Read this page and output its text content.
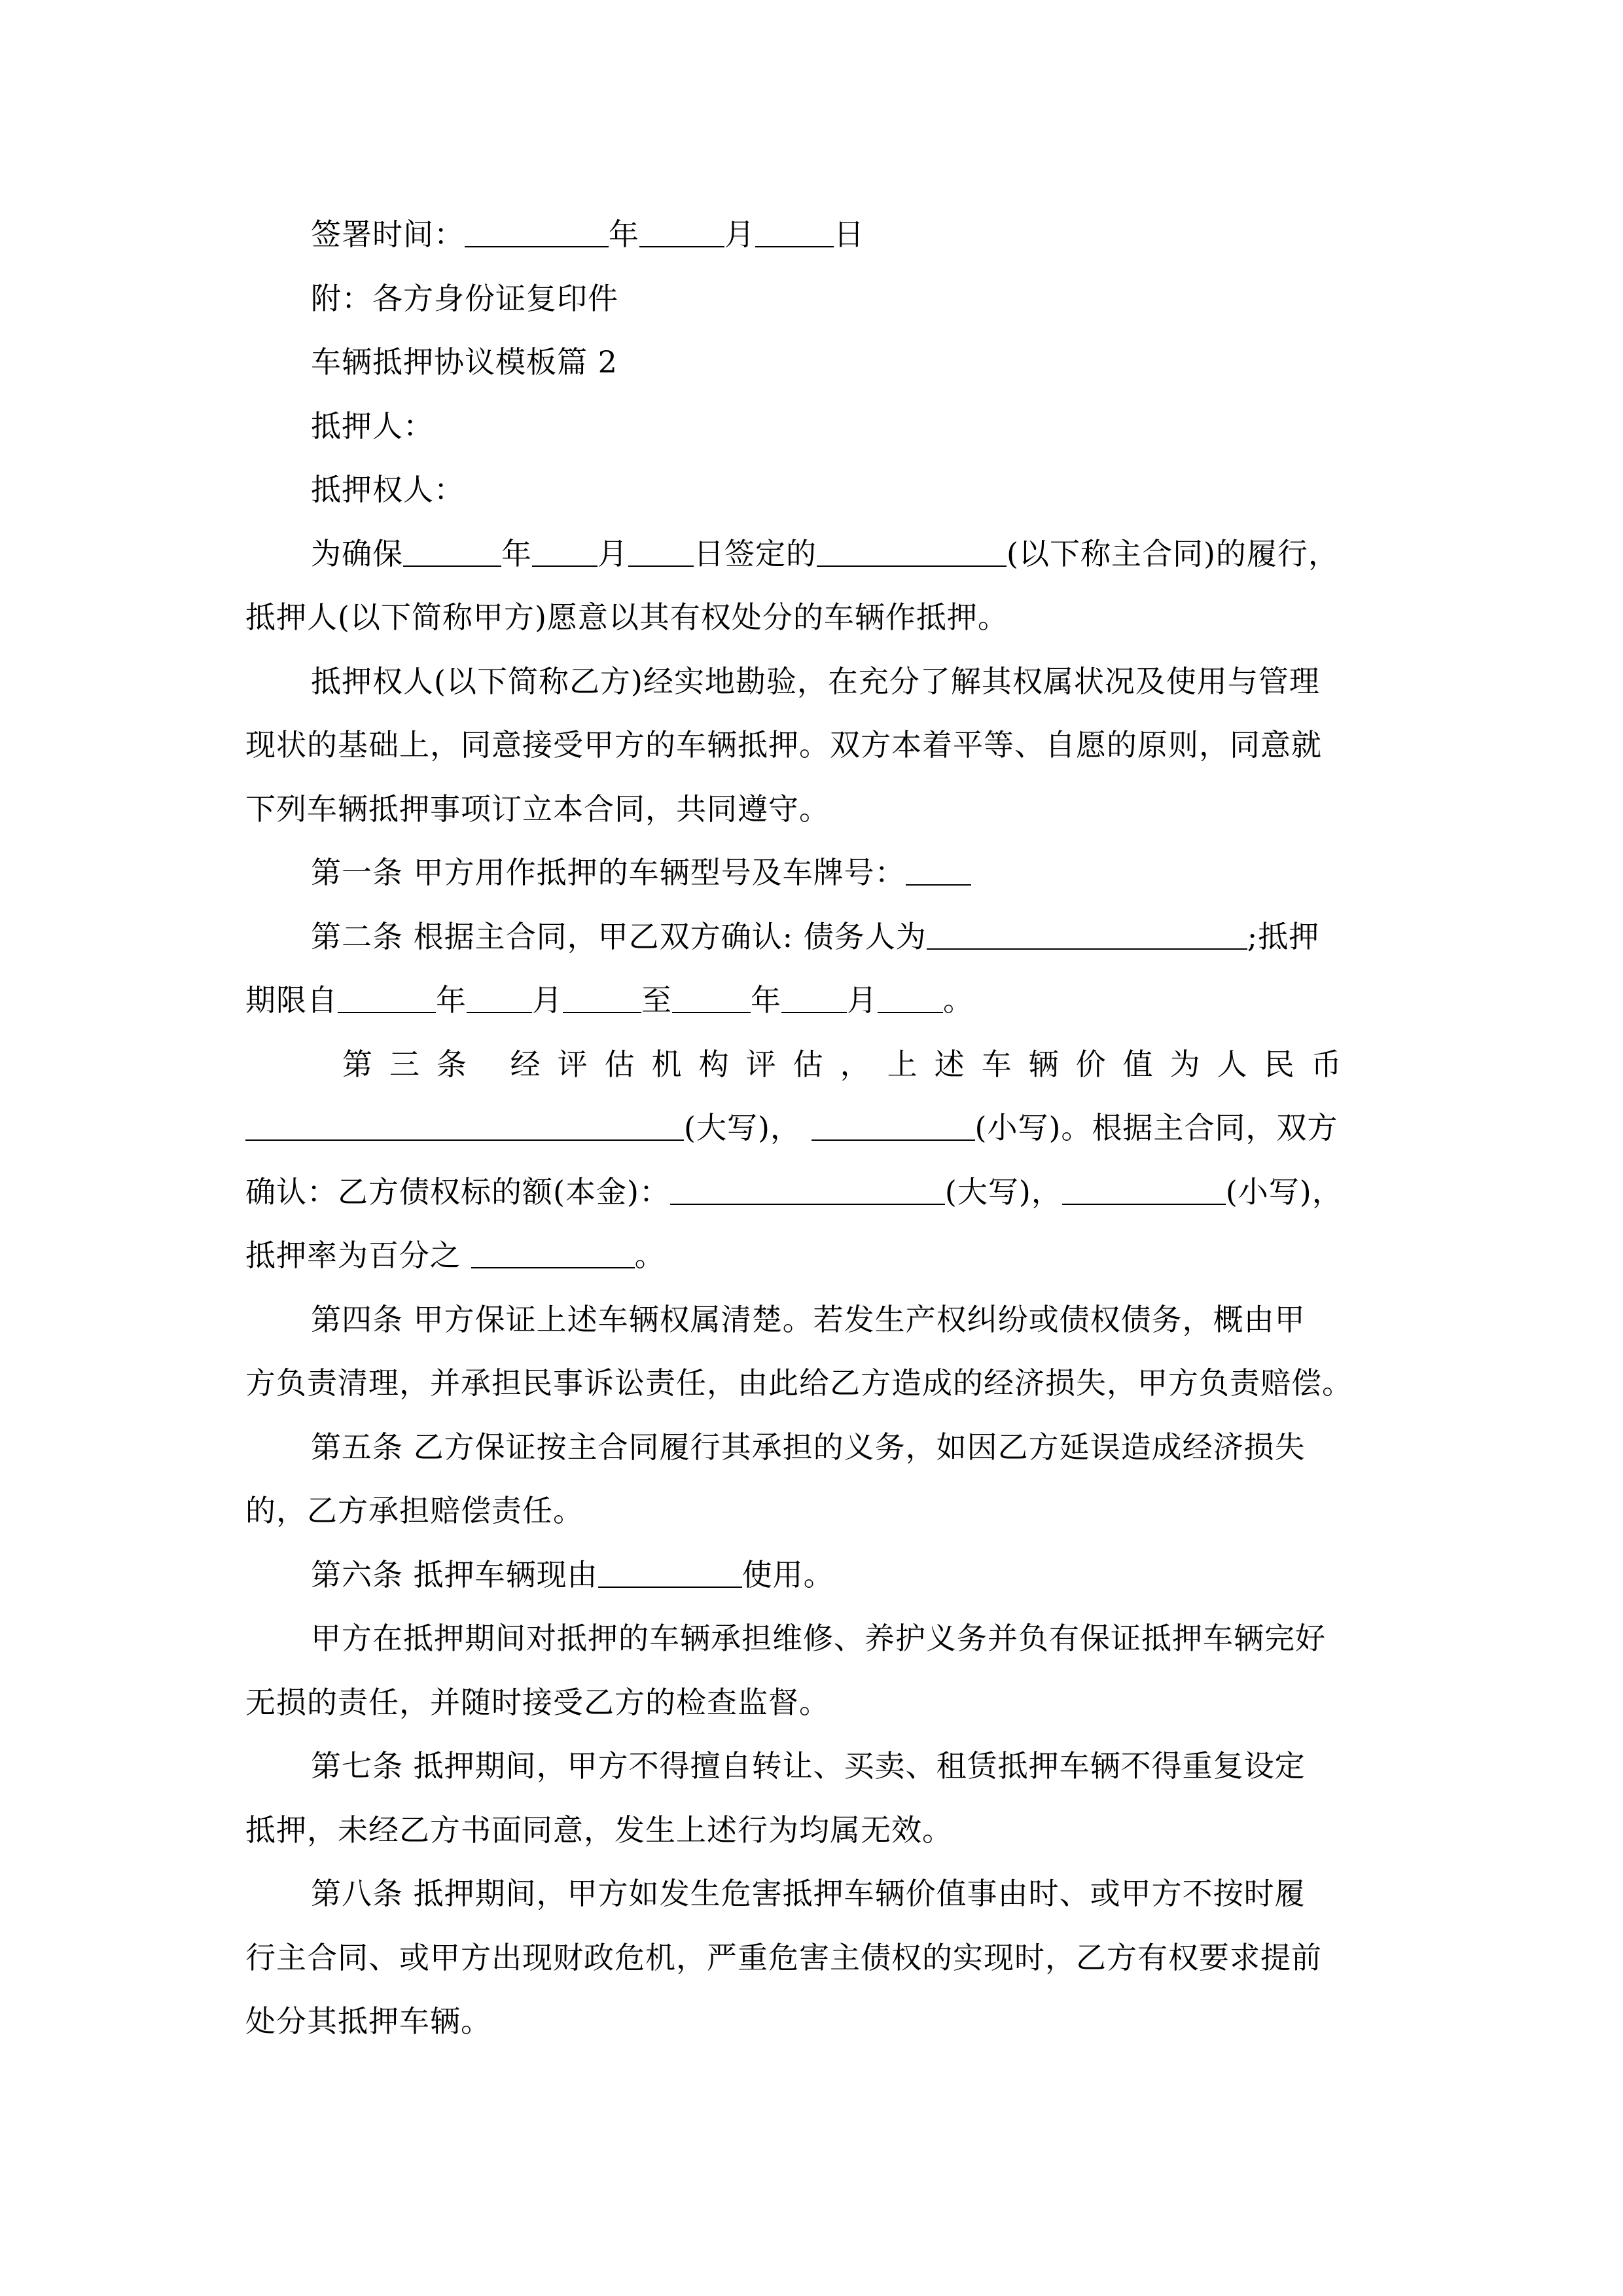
签署时间：	年	月	日
附：各方身份证复印件
车辆抵押协议模板篇 2
抵押人：
抵押权人：
为确保	年 月 日签定的	(以下称主合同)的履行，
抵押人(以下简称甲方)愿意以其有权处分的车辆作抵押。
抵押权人(以下简称乙方)经实地勘验，在充分了解其权属状况及使用与管理
现状的基础上，同意接受甲方的车辆抵押。双方本着平等、自愿的原则，同意就
下列车辆抵押事项订立本合同，共同遵守。
第一条 甲方用作抵押的车辆型号及车牌号：
第二条 根据主合同，甲乙双方确认: 债务人为	;抵押
期限自	年 月	至	年 月 。
第三条 经评估机构评估，上述车辆价值为人民币
(大写)，	(小写)。根据主合同，双方
确认：乙方债权标的额(本金)：	(大写)，	(小写)，
抵押率为百分之	。
第四条 甲方保证上述车辆权属清楚。若发生产权纠纷或债权债务，概由甲
方负责清理，并承担民事诉讼责任，由此给乙方造成的经济损失，甲方负责赔偿。
第五条 乙方保证按主合同履行其承担的义务，如因乙方延误造成经济损失
的，乙方承担赔偿责任。
第六条 抵押车辆现由	使用。
甲方在抵押期间对抵押的车辆承担维修、养护义务并负有保证抵押车辆完好
无损的责任，并随时接受乙方的检查监督。
第七条 抵押期间，甲方不得擅自转让、买卖、租赁抵押车辆不得重复设定
抵押，未经乙方书面同意，发生上述行为均属无效。
第八条 抵押期间，甲方如发生危害抵押车辆价值事由时、或甲方不按时履
行主合同、或甲方出现财政危机，严重危害主债权的实现时，乙方有权要求提前
处分其抵押车辆。
